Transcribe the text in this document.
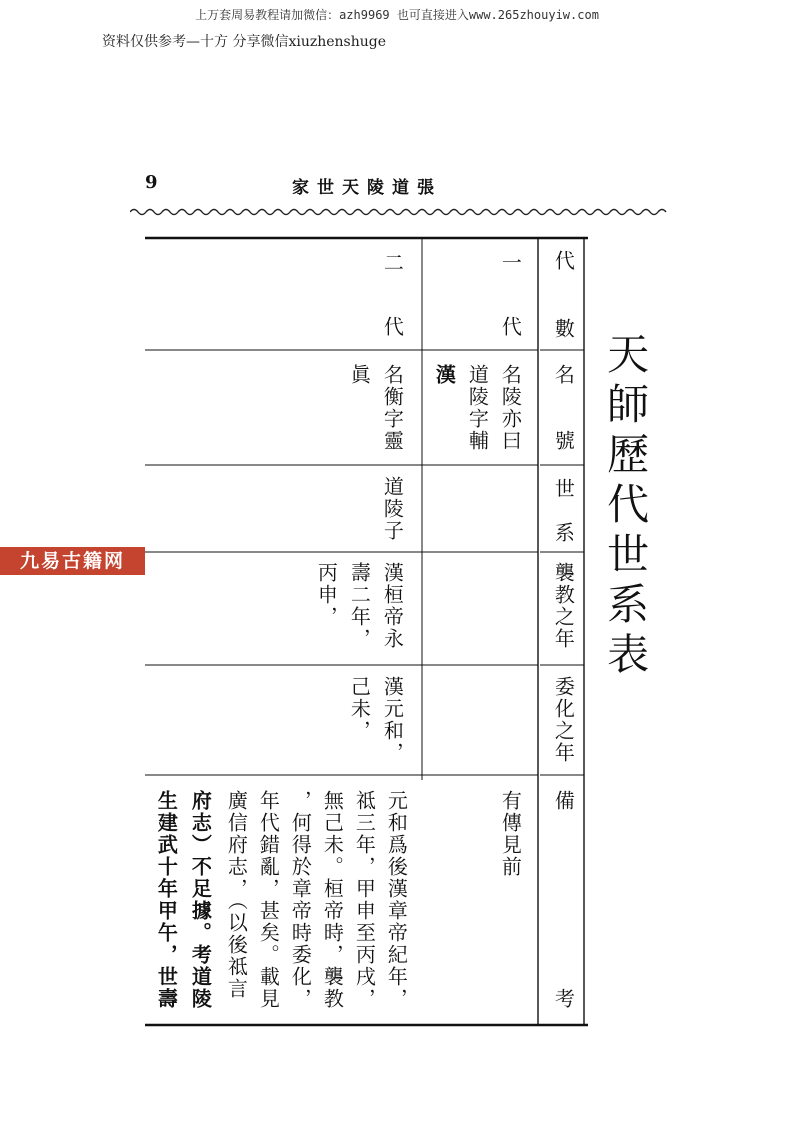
上万套周易教程请加微信：azh9969 也可直接进入www.265zhouyiw.com
资料仅供参考—十方 分享微信xiuzhenshuge
9	家世天陵道張
九易古籍网	天師歷代世系表
代
數
名
號
世
系
襲教之年
委化之年
備
考
一
代
名陵亦曰
道陵字輔
漢
有傳見前
二
代
名衡字靈
眞
道陵子
漢桓帝永
壽二年，
丙申，
漢元和，
己未，
元和爲後漢章帝紀年，
祗三年，甲申至丙戌，
無己未。桓帝時，襲教
，何得於章帝時委化，
年代錯亂，甚矣。載見
廣信府志，（以後祗言
府志）不足據。考道陵
生建武十年甲午，世壽
